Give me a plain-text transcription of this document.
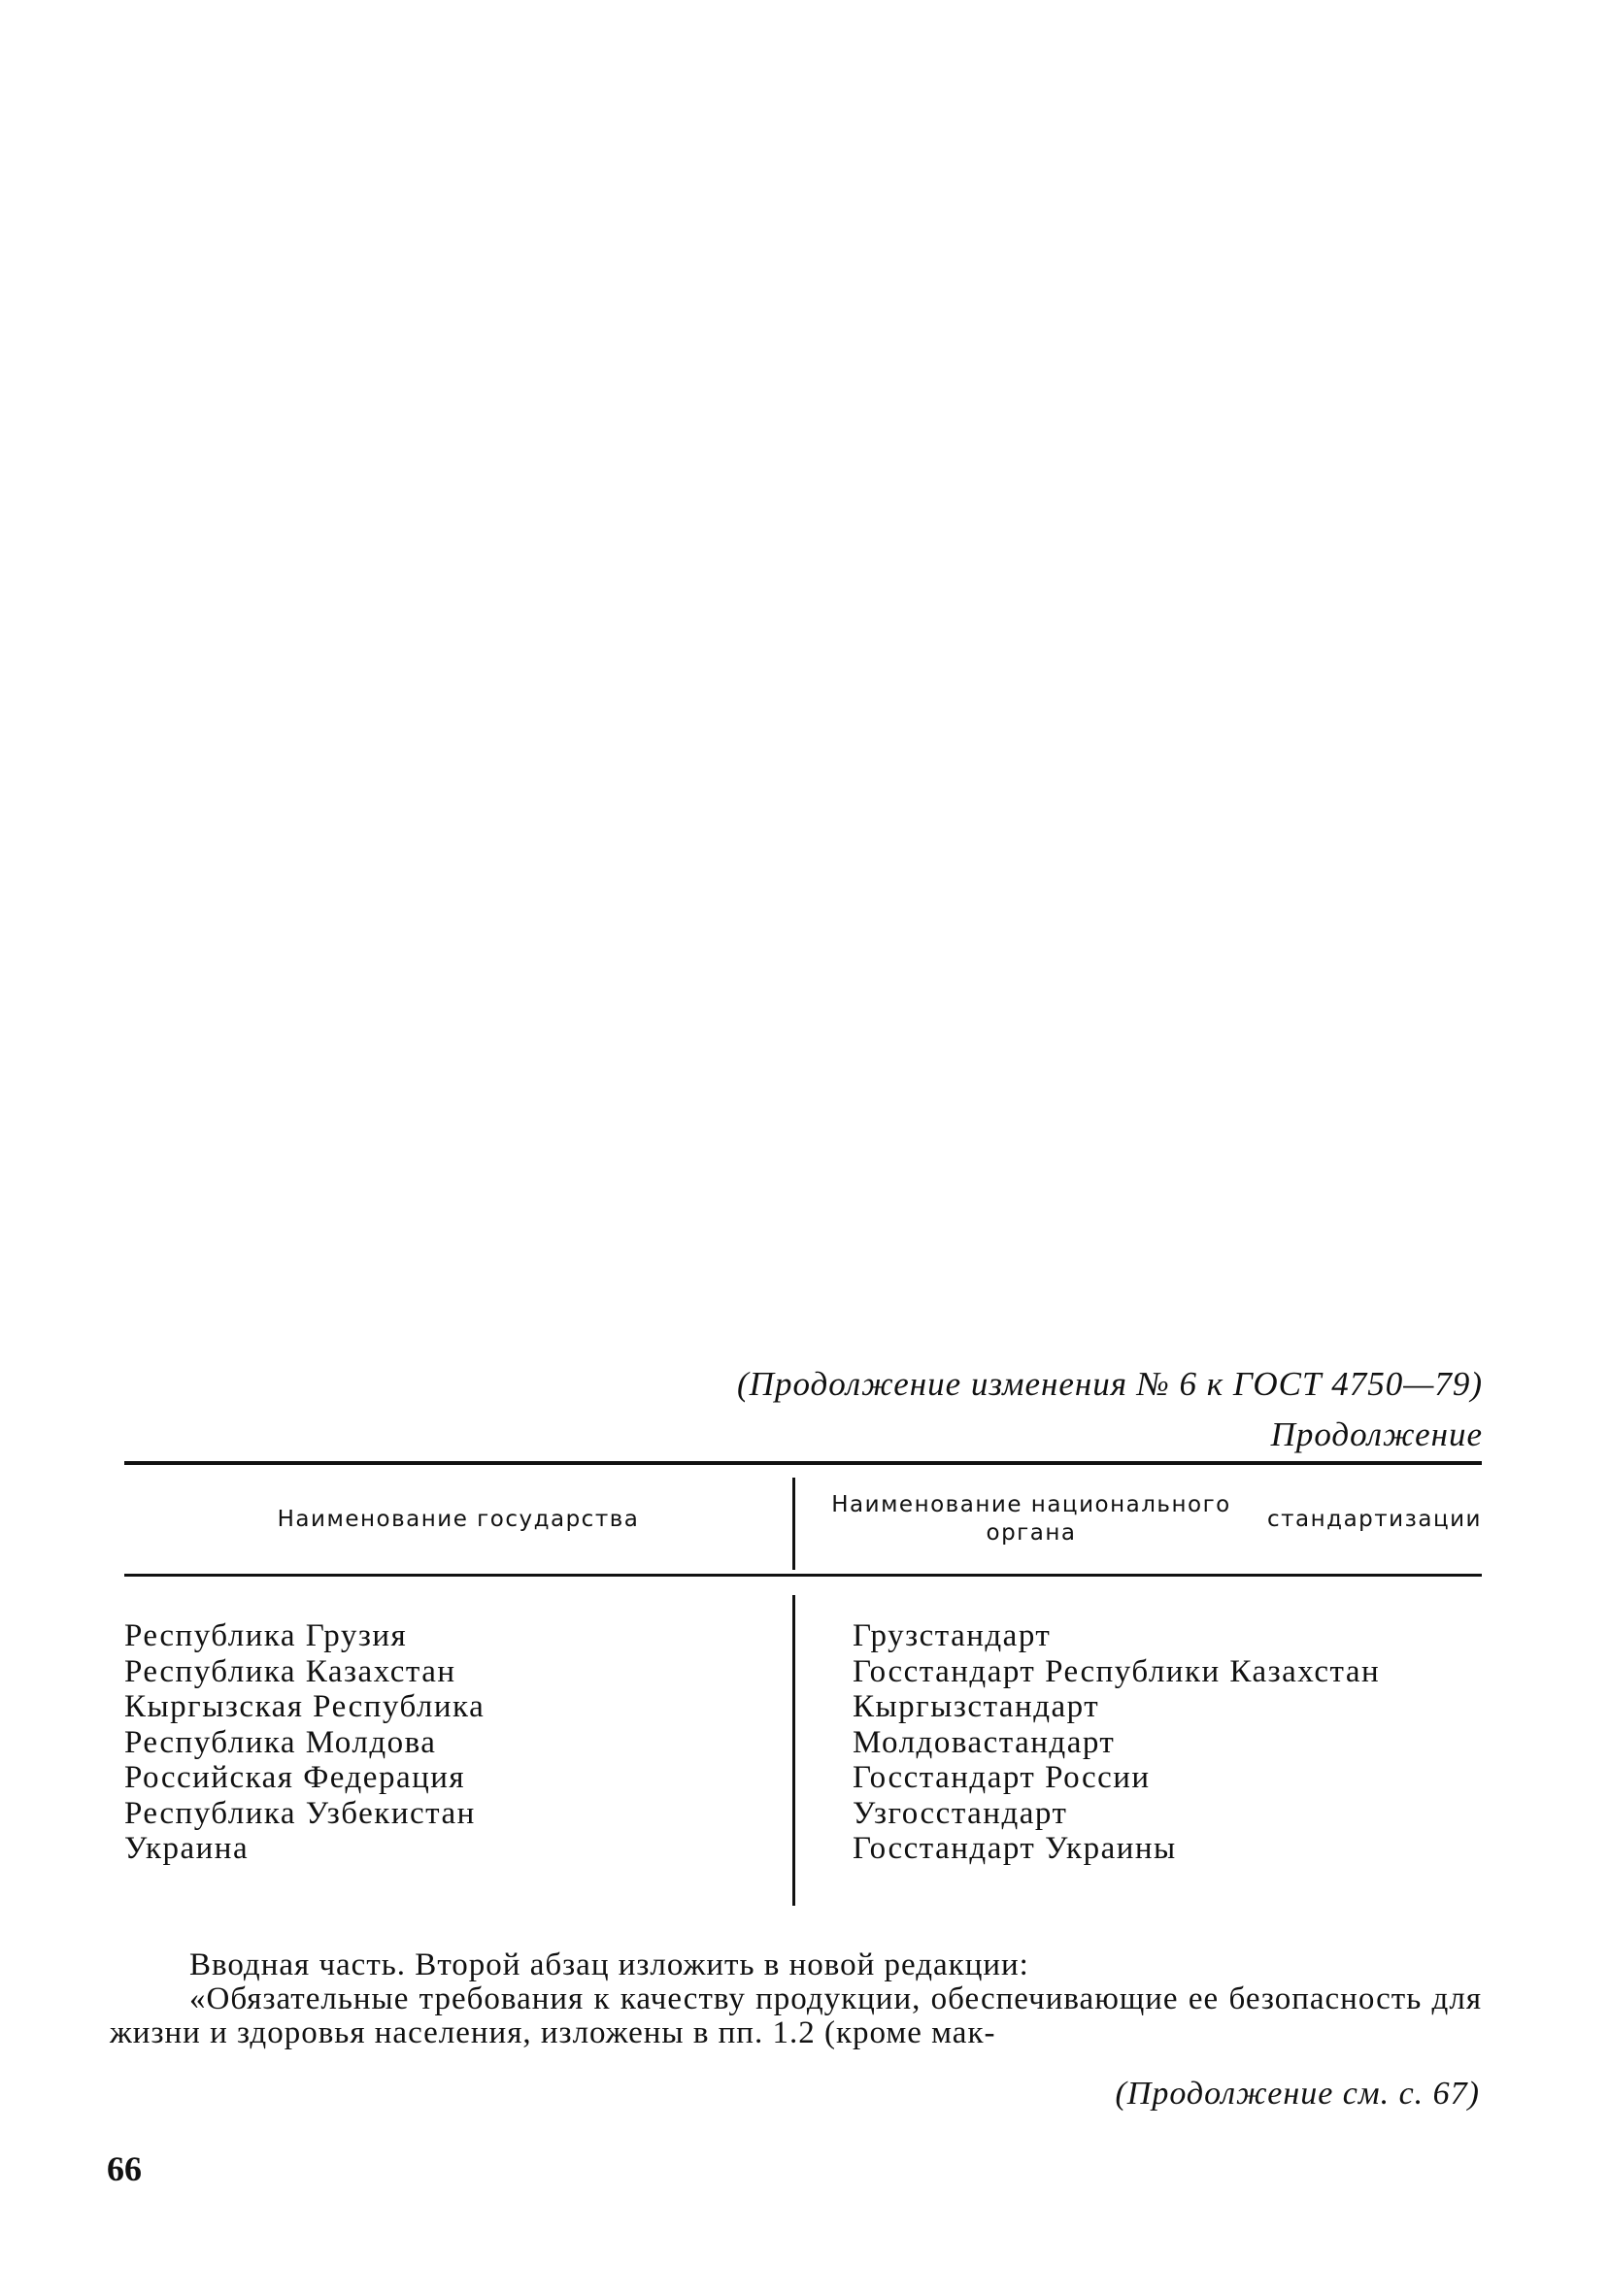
(Продолжение изменения № 6 к ГОСТ 4750—79)
Продолжение
Наименование государства
Наименование национального органа
стандартизации
Республика Грузия
Республика Казахстан
Кыргызская Республика
Республика Молдова
Российская Федерация
Республика Узбекистан
Украина
Грузстандарт
Госстандарт Республики Казахстан
Кыргызстандарт
Молдовастандарт
Госстандарт России
Узгосстандарт
Госстандарт Украины
Вводная часть. Второй абзац изложить в новой редакции:
«Обязательные требования к качеству продукции, обеспечивающие ее безопасность для жизни и здоровья населения, изложены в пп. 1.2 (кроме мак-
(Продолжение см. с. 67)
66
